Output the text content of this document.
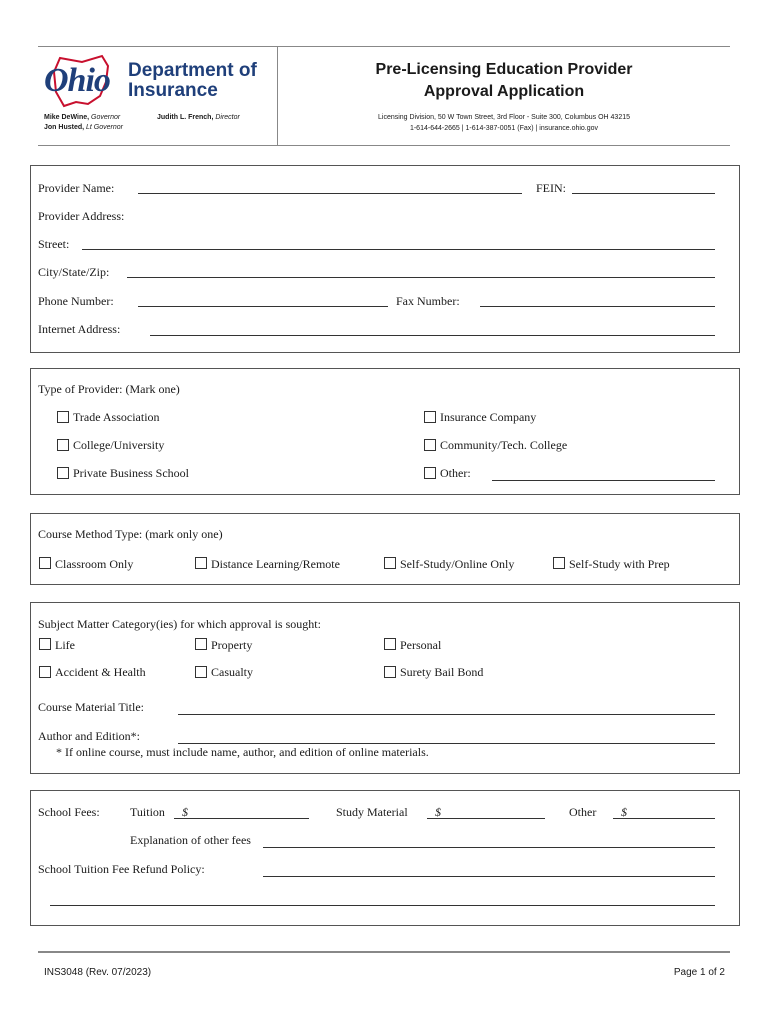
Ohio Department of
Insurance
Mike DeWine, Governor
Jon Husted, Lt Governor
Judith L. French, Director
Pre-Licensing Education Provider
Approval Application
Licensing Division, 50 W Town Street, 3rd Floor - Suite 300, Columbus OH 43215
1-614-644-2665 | 1-614-387-0051 (Fax) | insurance.ohio.gov
Provider Name:	FEIN:
Provider Address:
Street:
City/State/Zip:
Phone Number:	Fax Number:
Internet Address:
Type of Provider: (Mark one)
Trade Association	Insurance Company
College/University	Community/Tech. College
Private Business School	Other:
Course Method Type: (mark only one)
Classroom Only	Distance Learning/Remote	Self-Study/Online Only	Self-Study with Prep
Subject Matter Category(ies) for which approval is sought:
Life	Property	Personal
Accident & Health	Casualty	Surety Bail Bond
Course Material Title:
Author and Edition*:
* If online course, must include name, author, and edition of online materials.
School Fees:	Tuition $	Study Material $	Other $
Explanation of other fees
School Tuition Fee Refund Policy:
INS3048 (Rev. 07/2023)	Page 1 of 2
